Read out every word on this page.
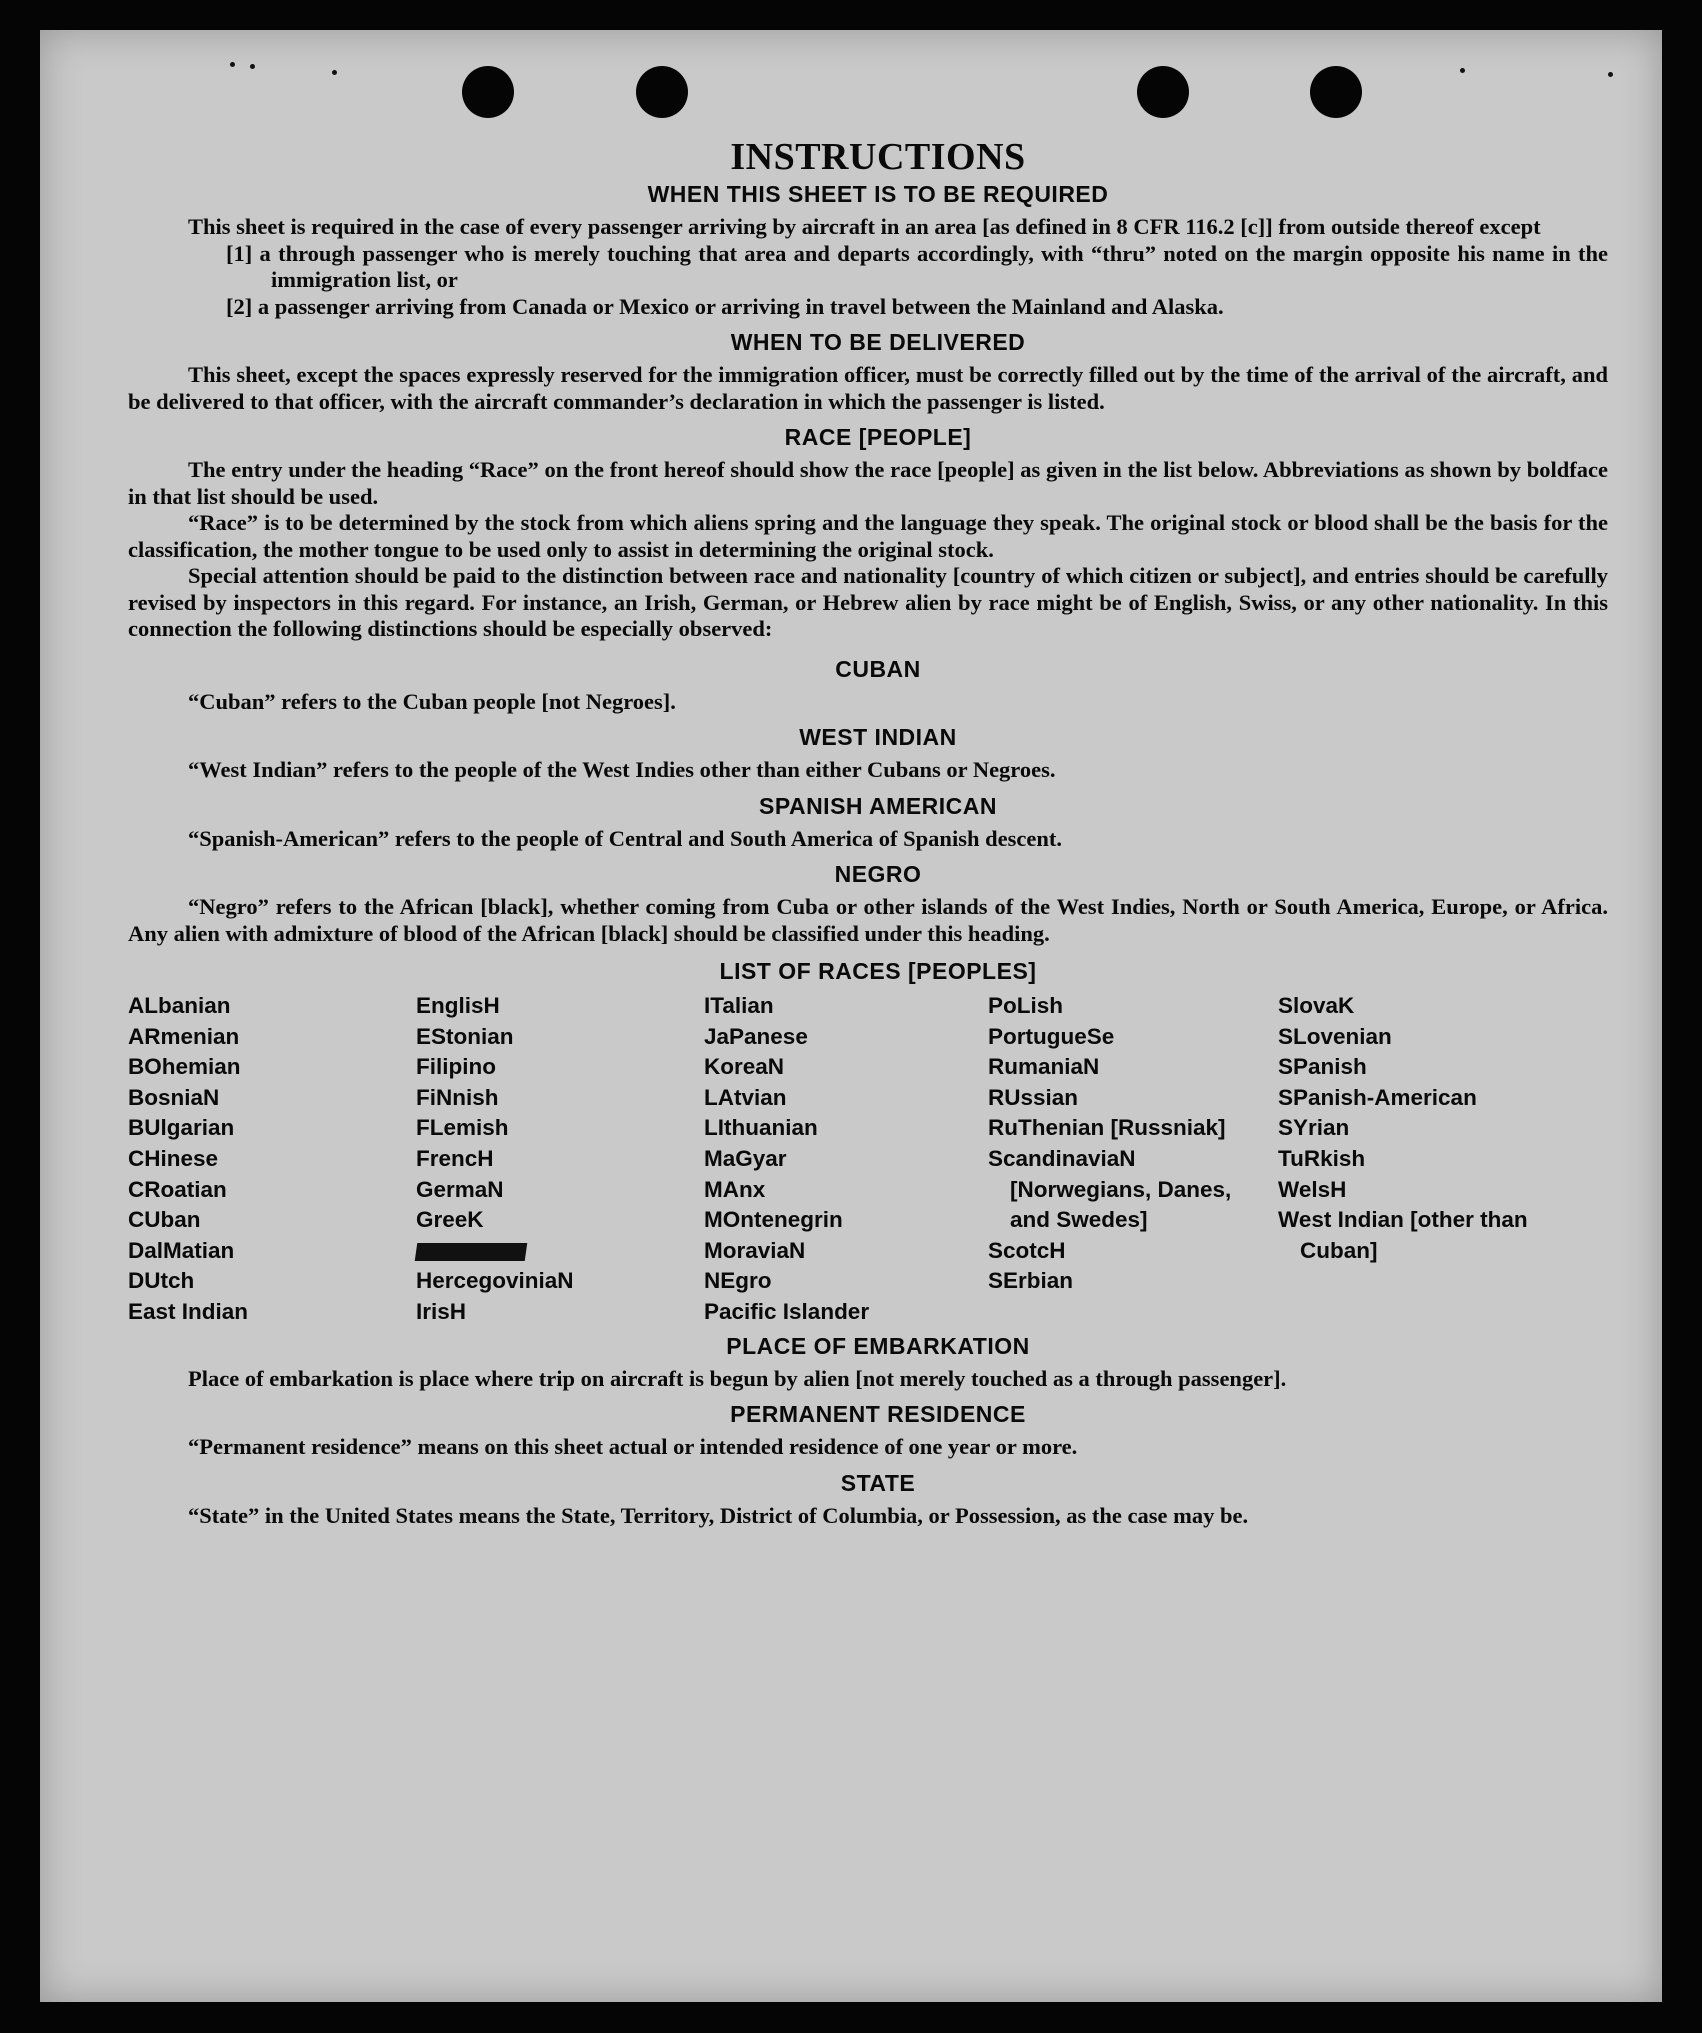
INSTRUCTIONS
WHEN THIS SHEET IS TO BE REQUIRED

This sheet is required in the case of every passenger arriving by aircraft in an area [as defined in 8 CFR 116.2 [c]] from outside thereof except

[1] a through passenger who is merely touching that area and departs accordingly, with “thru” noted on the margin opposite his name in the immigration list, or

[2] a passenger arriving from Canada or Mexico or arriving in travel between the Mainland and Alaska.

WHEN TO BE DELIVERED

This sheet, except the spaces expressly reserved for the immigration officer, must be correctly filled out by the time of the arrival of the aircraft, and be delivered to that officer, with the aircraft commander’s declaration in which the passenger is listed.

RACE [PEOPLE]

The entry under the heading “Race” on the front hereof should show the race [people] as given in the list below. Abbreviations as shown by boldface in that list should be used.

“Race” is to be determined by the stock from which aliens spring and the language they speak. The original stock or blood shall be the basis for the classification, the mother tongue to be used only to assist in determining the original stock.

Special attention should be paid to the distinction between race and nationality [country of which citizen or subject], and entries should be carefully revised by inspectors in this regard. For instance, an Irish, German, or Hebrew alien by race might be of English, Swiss, or any other nationality. In this connection the following distinctions should be especially observed:

CUBAN

“Cuban” refers to the Cuban people [not Negroes].

WEST INDIAN

“West Indian” refers to the people of the West Indies other than either Cubans or Negroes.

SPANISH AMERICAN

“Spanish-American” refers to the people of Central and South America of Spanish descent.

NEGRO

“Negro” refers to the African [black], whether coming from Cuba or other islands of the West Indies, North or South America, Europe, or Africa. Any alien with admixture of blood of the African [black] should be classified under this heading.

LIST OF RACES [PEOPLES]
ALbanian
ARmenian
BOhemian
BosniaN
BUlgarian
CHinese
CRoatian
CUban
DalMatian
DUtch
East Indian
EnglisH
EStonian
Filipino
FiNnish
FLemish
FrencH
GermaN
GreeK
HercegoviniaN
IrisH
ITalian
JaPanese
KoreaN
LAtvian
LIthuanian
MaGyar
MAnx
MOntenegrin
MoraviaN
NEgro
Pacific Islander
PoLish
PortugueSe
RumaniaN
RUssian
RuThenian [Russniak]
ScandinaviaN [Norwegians, Danes, and Swedes]
ScotcH
SErbian
SlovaK
SLovenian
SPanish
SPanish-American
SYrian
TuRkish
WelsH
West Indian [other than Cuban]
PLACE OF EMBARKATION

Place of embarkation is place where trip on aircraft is begun by alien [not merely touched as a through passenger].

PERMANENT RESIDENCE

“Permanent residence” means on this sheet actual or intended residence of one year or more.

STATE

“State” in the United States means the State, Territory, District of Columbia, or Possession, as the case may be.
